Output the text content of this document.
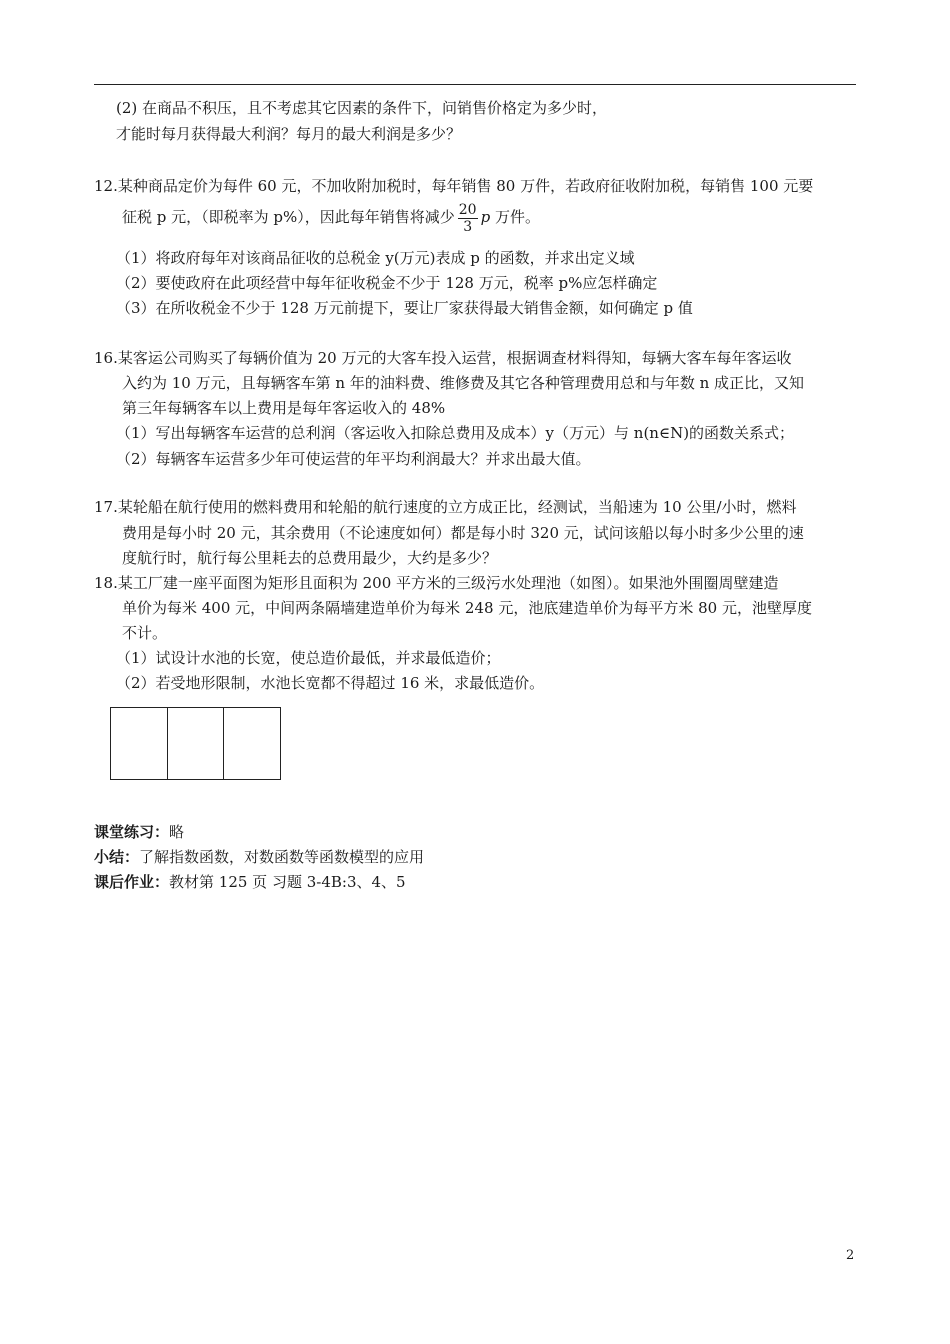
(2) 在商品不积压，且不考虑其它因素的条件下，问销售价格定为多少时，
才能时每月获得最大利润？每月的最大利润是多少？
12.某种商品定价为每件 60 元，不加收附加税时，每年销售 80 万件，若政府征收附加税，每销售 100 元要
征税 p 元，（即税率为 p%），因此每年销售将减少 $\frac{20}{3}$ p 万件。
（1）将政府每年对该商品征收的总税金 y(万元)表成 p 的函数，并求出定义域
（2）要使政府在此项经营中每年征收税金不少于 128 万元，税率 p%应怎样确定
（3）在所收税金不少于 128 万元前提下，要让厂家获得最大销售金额，如何确定 p 值
16.某客运公司购买了每辆价值为 20 万元的大客车投入运营，根据调查材料得知，每辆大客车每年客运收
入约为 10 万元，且每辆客车第 n 年的油料费、维修费及其它各种管理费用总和与年数 n 成正比，又知
第三年每辆客车以上费用是每年客运收入的 48%
（1）写出每辆客车运营的总利润（客运收入扣除总费用及成本）y（万元）与 n(n∈N)的函数关系式；
（2）每辆客车运营多少年可使运营的年平均利润最大？并求出最大值。
17.某轮船在航行使用的燃料费用和轮船的航行速度的立方成正比，经测试，当船速为 10 公里/小时，燃料
费用是每小时 20 元，其余费用（不论速度如何）都是每小时 320 元，试问该船以每小时多少公里的速
度航行时，航行每公里耗去的总费用最少，大约是多少？
18.某工厂建一座平面图为矩形且面积为 200 平方米的三级污水处理池（如图）。如果池外围圈周壁建造
单价为每米 400 元，中间两条隔墙建造单价为每米 248 元，池底建造单价为每平方米 80 元，池壁厚度
不计。
（1）试设计水池的长宽，使总造价最低，并求最低造价；
（2）若受地形限制，水池长宽都不得超过 16 米，求最低造价。
课堂练习：略
小结：了解指数函数，对数函数等函数模型的应用
课后作业：教材第 125 页 习题 3-4B:3、4、5
2
